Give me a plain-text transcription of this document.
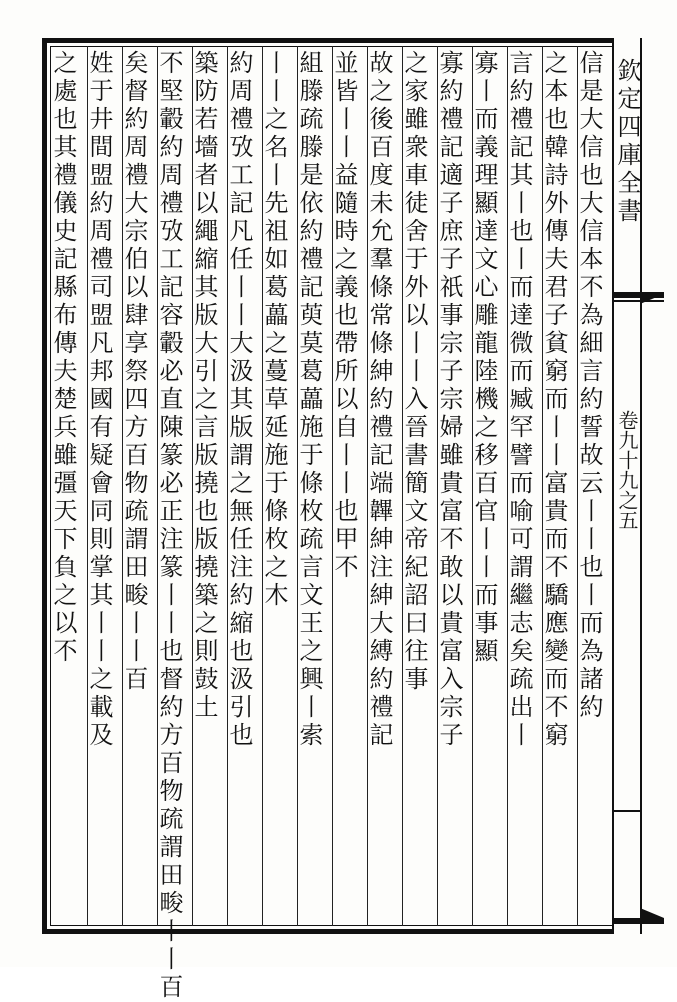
欽定四庫全書
卷九十九之五
信是大信也大信本不為細言約誓故云丨丨也丨而為諸約
之本也韓詩外傳夫君子貧窮而丨丨富貴而不驕應變而不窮
言約禮記其丨也丨而達微而臧罕譬而喻可謂繼志矣疏出丨
寡丨而義理顯達文心雕龍陸機之移百官丨丨而事顯
寡約禮記適子庶子祇事宗子宗婦雖貴富不敢以貴富入宗子
之家雖衆車徒舍于外以丨丨入晉書簡文帝紀詔曰往事
故之後百度未允羣條常條紳約禮記端韠紳注紳大縛約禮記
並皆丨丨益隨時之義也帶所以自丨丨也甲不
組滕疏滕是依約禮記萸莫葛藟施于條枚疏言文王之興丨索
丨丨之名丨先祖如葛藟之蔓草延施于條枚之木
約周禮攷工記凡任丨丨大汲其版謂之無任注約縮也汲引也
築防若墻者以繩縮其版大引之言版撓也版撓築之則鼓土
不堅轂約周禮攷工記容轂必直陳篆必正注篆丨丨也督約方百物疏謂田畯丨丨百
矣督約周禮大宗伯以肆享祭四方百物疏謂田畯丨丨百
姓于井間盟約周禮司盟凡邦國有疑會同則掌其丨丨之載及
之處也其禮儀史記縣布傳夫楚兵雖彊天下負之以不
